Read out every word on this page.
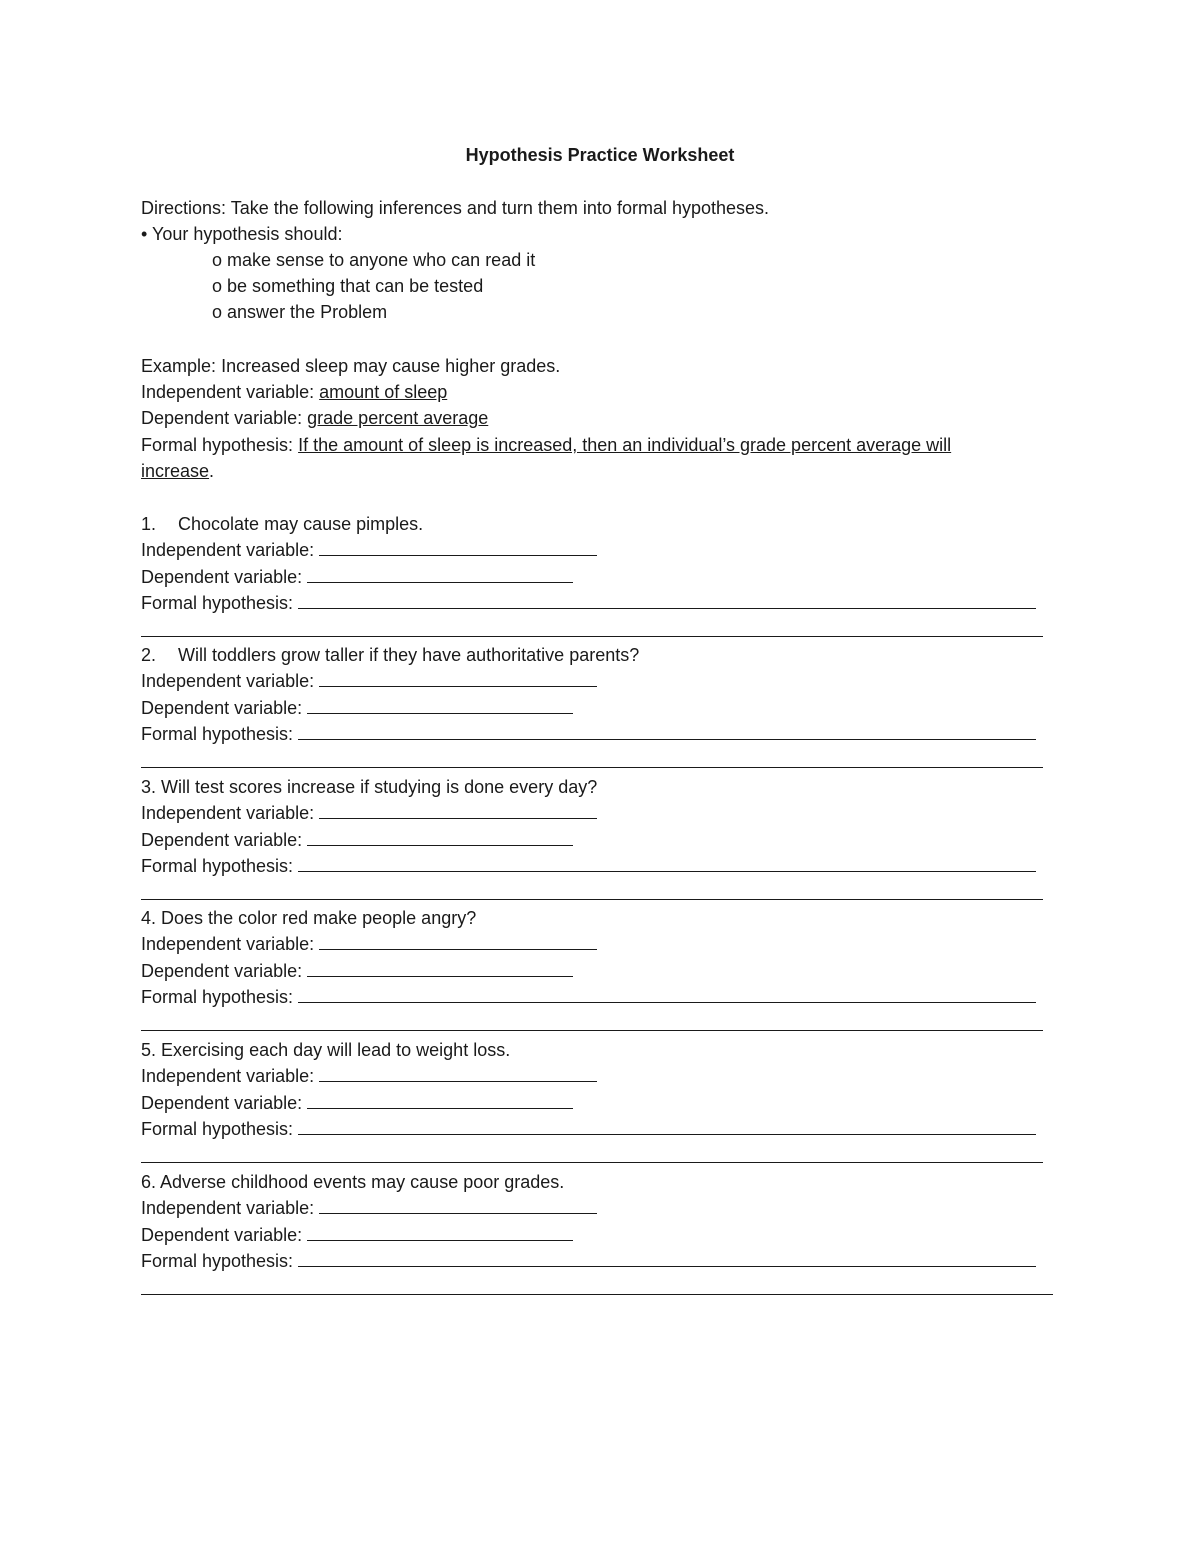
Hypothesis Practice Worksheet
Directions: Take the following inferences and turn them into formal hypotheses.
• Your hypothesis should:
o make sense to anyone who can read it
o be something that can be tested
o answer the Problem
Example: Increased sleep may cause higher grades.
Independent variable: amount of sleep
Dependent variable: grade percent average
Formal hypothesis: If the amount of sleep is increased, then an individual’s grade percent average will
increase.
1. Chocolate may cause pimples.
Independent variable:
Dependent variable:
Formal hypothesis:
2. Will toddlers grow taller if they have authoritative parents?
Independent variable:
Dependent variable:
Formal hypothesis:
3. Will test scores increase if studying is done every day?
Independent variable:
Dependent variable:
Formal hypothesis:
4. Does the color red make people angry?
Independent variable:
Dependent variable:
Formal hypothesis:
5. Exercising each day will lead to weight loss.
Independent variable:
Dependent variable:
Formal hypothesis:
6. Adverse childhood events may cause poor grades.
Independent variable:
Dependent variable:
Formal hypothesis:
